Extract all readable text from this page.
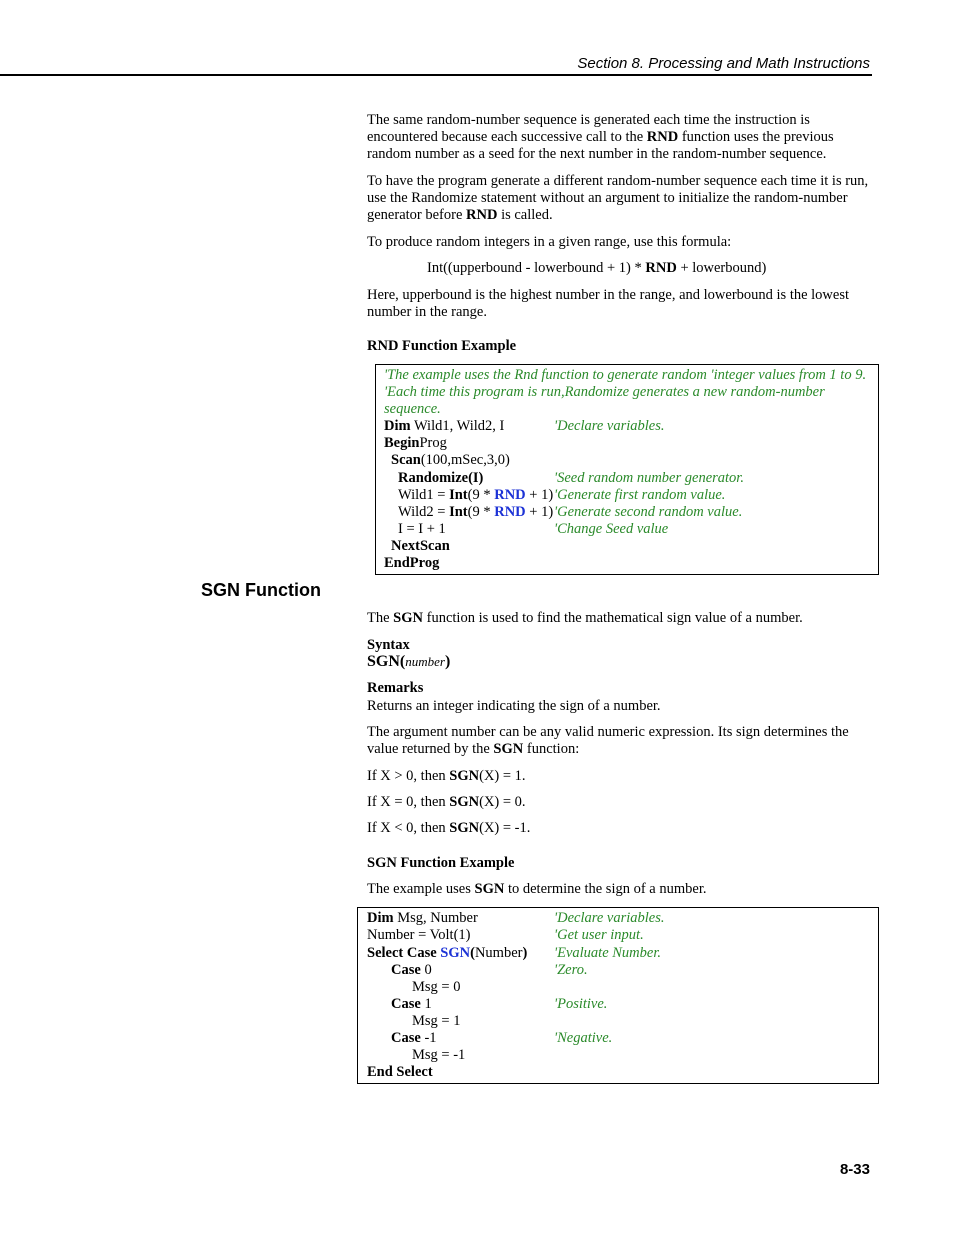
Section 8. Processing and Math Instructions

The same random-number sequence is generated each time the instruction is encountered because each successive call to the RND function uses the previous random number as a seed for the next number in the random-number sequence.

To have the program generate a different random-number sequence each time it is run, use the Randomize statement without an argument to initialize the random-number generator before RND is called.

To produce random integers in a given range, use this formula:

Int((upperbound - lowerbound + 1) * RND + lowerbound)

Here, upperbound is the highest number in the range, and lowerbound is the lowest number in the range.

RND Function Example

'The example uses the Rnd function to generate random 'integer values from 1 to 9.
'Each time this program is run,Randomize generates a new random-number
sequence.
Dim Wild1, Wild2, I	'Declare variables.
BeginProg
Scan(100,mSec,3,0)
Randomize(I)	'Seed random number generator.
Wild1 = Int(9 * RND + 1) 'Generate first random value.
Wild2 = Int(9 * RND + 1) 'Generate second random value.
I = I + 1	'Change Seed value
NextScan
EndProg
SGN Function

The SGN function is used to find the mathematical sign value of a number.

Syntax

SGN(number)

Remarks

Returns an integer indicating the sign of a number.

The argument number can be any valid numeric expression. Its sign determines the value returned by the SGN function:

If X > 0, then SGN(X) = 1.

If X = 0, then SGN(X) = 0.

If X < 0, then SGN(X) = -1.

SGN Function Example

The example uses SGN to determine the sign of a number.

Dim Msg, Number	'Declare variables.
Number = Volt(1)	'Get user input.
Select Case SGN(Number) 'Evaluate Number.
Case 0	'Zero.
Msg = 0
Case 1	'Positive.
Msg = 1
Case -1	'Negative.
Msg = -1
End Select
8-33
